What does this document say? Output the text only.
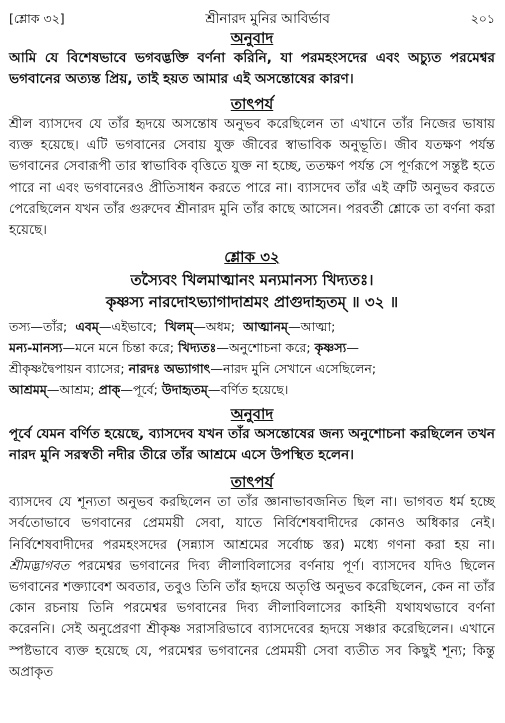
[শ্লোক ৩২]	শ্রীনারদ মুনির আবির্ভাব	২০১
অনুবাদ

আমি যে বিশেষভাবে ভগবদ্ভক্তি বর্ণনা করিনি, যা পরমহংসদের এবং অচ্যুত পরমেশ্বর ভগবানের অত্যন্ত প্রিয়, তাই হয়ত আমার এই অসন্তোষের কারণ।

তাৎপর্য

শ্রীল ব্যাসদেব যে তাঁর হৃদয়ে অসন্তোষ অনুভব করেছিলেন তা এখানে তাঁর নিজের ভাষায় ব্যক্ত হয়েছে। এটি ভগবানের সেবায় যুক্ত জীবের স্বাভাবিক অনুভূতি। জীব যতক্ষণ পর্যন্ত ভগবানের সেবারূপী তার স্বাভাবিক বৃত্তিতে যুক্ত না হচ্ছে, ততক্ষণ পর্যন্ত সে পূর্ণরূপে সন্তুষ্ট হতে পারে না এবং ভগবানেরও প্রীতিসাধন করতে পারে না। ব্যাসদেব তাঁর এই ত্রুটি অনুভব করতে পেরেছিলেন যখন তাঁর গুরুদেব শ্রীনারদ মুনি তাঁর কাছে আসেন। পরবর্তী শ্লোকে তা বর্ণনা করা হয়েছে।

শ্লোক ৩২

তস্যৈবং খিলমাত্মানং মন্যমানস্য খিদ্যতঃ।

কৃষ্ণস্য নারদোঽভ্যাগাদাশ্রমং প্রাগুদাহৃতম্‌ ॥ ৩২ ॥

তস্য—তাঁর; এবম্—এইভাবে; খিলম্—অধম; আত্মানম্—আত্মা;

মন্য-মানস্য—মনে মনে চিন্তা করে; খিদ্যতঃ—অনুশোচনা করে; কৃষ্ণস্য—

শ্রীকৃষ্ণদ্বৈপায়ন ব্যাসের; নারদঃ অভ্যাগাৎ—নারদ মুনি সেখানে এসেছিলেন;

আশ্রমম্—আশ্রম; প্রাক্—পূর্বে; উদাহৃতম্—বর্ণিত হয়েছে।

অনুবাদ

পূর্বে যেমন বর্ণিত হয়েছে, ব্যাসদেব যখন তাঁর অসন্তোষের জন্য অনুশোচনা করছিলেন তখন নারদ মুনি সরস্বতী নদীর তীরে তাঁর আশ্রমে এসে উপস্থিত হলেন।

তাৎপর্য

ব্যাসদেব যে শূন্যতা অনুভব করছিলেন তা তাঁর জ্ঞানাভাবজনিত ছিল না। ভাগবত ধর্ম হচ্ছে সর্বতোভাবে ভগবানের প্রেমময়ী সেবা, যাতে নির্বিশেষবাদীদের কোনও অধিকার নেই। নির্বিশেষবাদীদের পরমহংসদের (সন্ন্যাস আশ্রমের সর্বোচ্চ স্তর) মধ্যে গণনা করা হয় না। শ্রীমদ্ভাগবত পরমেশ্বর ভগবানের দিব্য লীলাবিলাসের বর্ণনায় পূর্ণ। ব্যাসদেব যদিও ছিলেন ভগবানের শক্ত্যাবেশ অবতার, তবুও তিনি তাঁর হৃদয়ে অতৃপ্তি অনুভব করেছিলেন, কেন না তাঁর কোন রচনায় তিনি পরমেশ্বর ভগবানের দিব্য লীলাবিলাসের কাহিনী যথাযথভাবে বর্ণনা করেননি। সেই অনুপ্রেরণা শ্রীকৃষ্ণ সরাসরিভাবে ব্যাসদেবের হৃদয়ে সঞ্চার করেছিলেন। এখানে স্পষ্টভাবে ব্যক্ত হয়েছে যে, পরমেশ্বর ভগবানের প্রেমময়ী সেবা ব্যতীত সব কিছুই শূন্য; কিন্তু অপ্রাকৃত
